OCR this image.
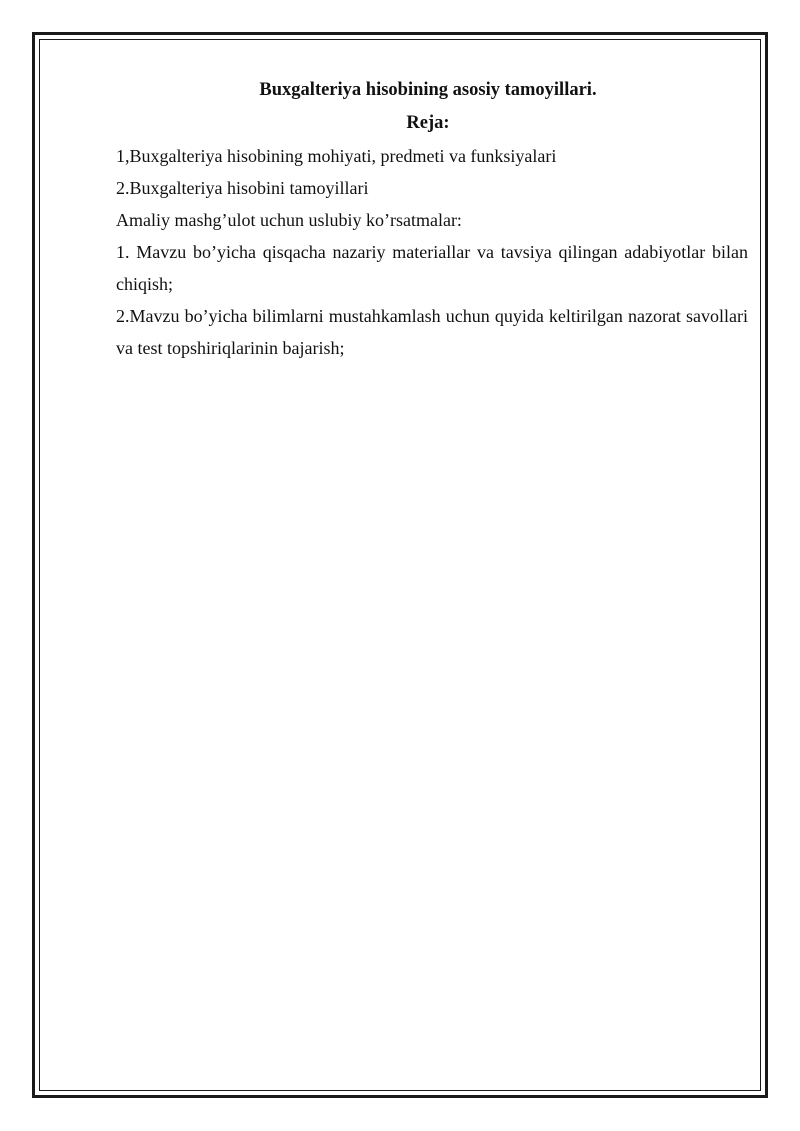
Buxgalteriya hisobining asosiy tamoyillari.

Reja:

1,Buxgalteriya hisobining mohiyati, predmeti va funksiyalari

2.Buxgalteriya hisobini tamoyillari

Amaliy mashg’ulot uchun uslubiy ko’rsatmalar:

1. Mavzu bo’yicha qisqacha nazariy materiallar va tavsiya qilingan adabiyotlar bilan chiqish;

2.Mavzu bo’yicha bilimlarni mustahkamlash uchun quyida keltirilgan nazorat savollari va test topshiriqlarinin bajarish;
